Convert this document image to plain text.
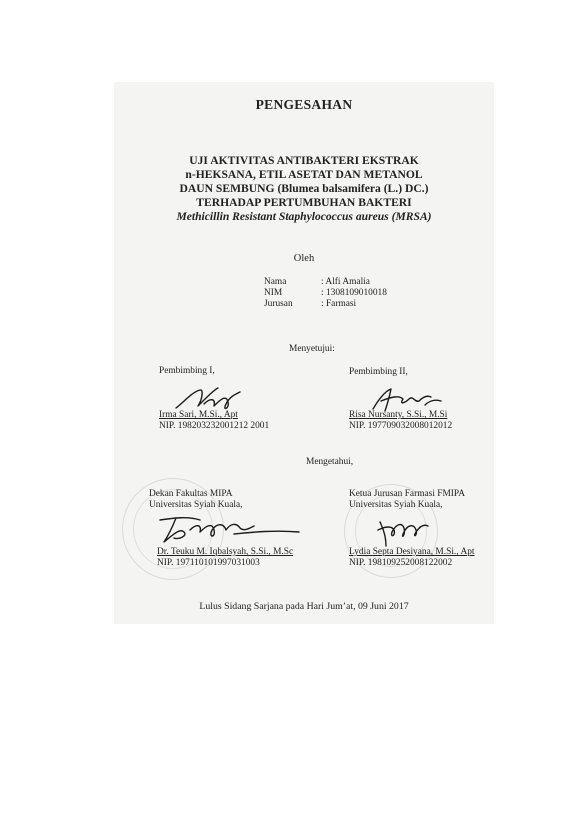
PENGESAHAN
UJI AKTIVITAS ANTIBAKTERI EKSTRAK
n-HEKSANA, ETIL ASETAT DAN METANOL
DAUN SEMBUNG (Blumea balsamifera (L.) DC.)
TERHADAP PERTUMBUHAN BAKTERI
Methicillin Resistant Staphylococcus aureus (MRSA)
Oleh
Nama	: Alfi Amalia
NIM	: 1308109010018
Jurusan	: Farmasi
Menyetujui:
Pembimbing I,	Pembimbing II,
Irma Sari, M.Si., Apt
NIP. 198203232001212 2001
Risa Nursanty, S.Si., M.Si
NIP. 197709032008012012
Mengetahui,
Dekan Fakultas MIPA
Universitas Syiah Kuala,
Ketua Jurusan Farmasi FMIPA
Universitas Syiah Kuala,
Dr. Teuku M. Iqbalsyah, S.Si., M.Sc
NIP. 197110101997031003
Lydia Septa Desiyana, M.Si., Apt
NIP. 198109252008122002
Lulus Sidang Sarjana pada Hari Jum’at, 09 Juni 2017
